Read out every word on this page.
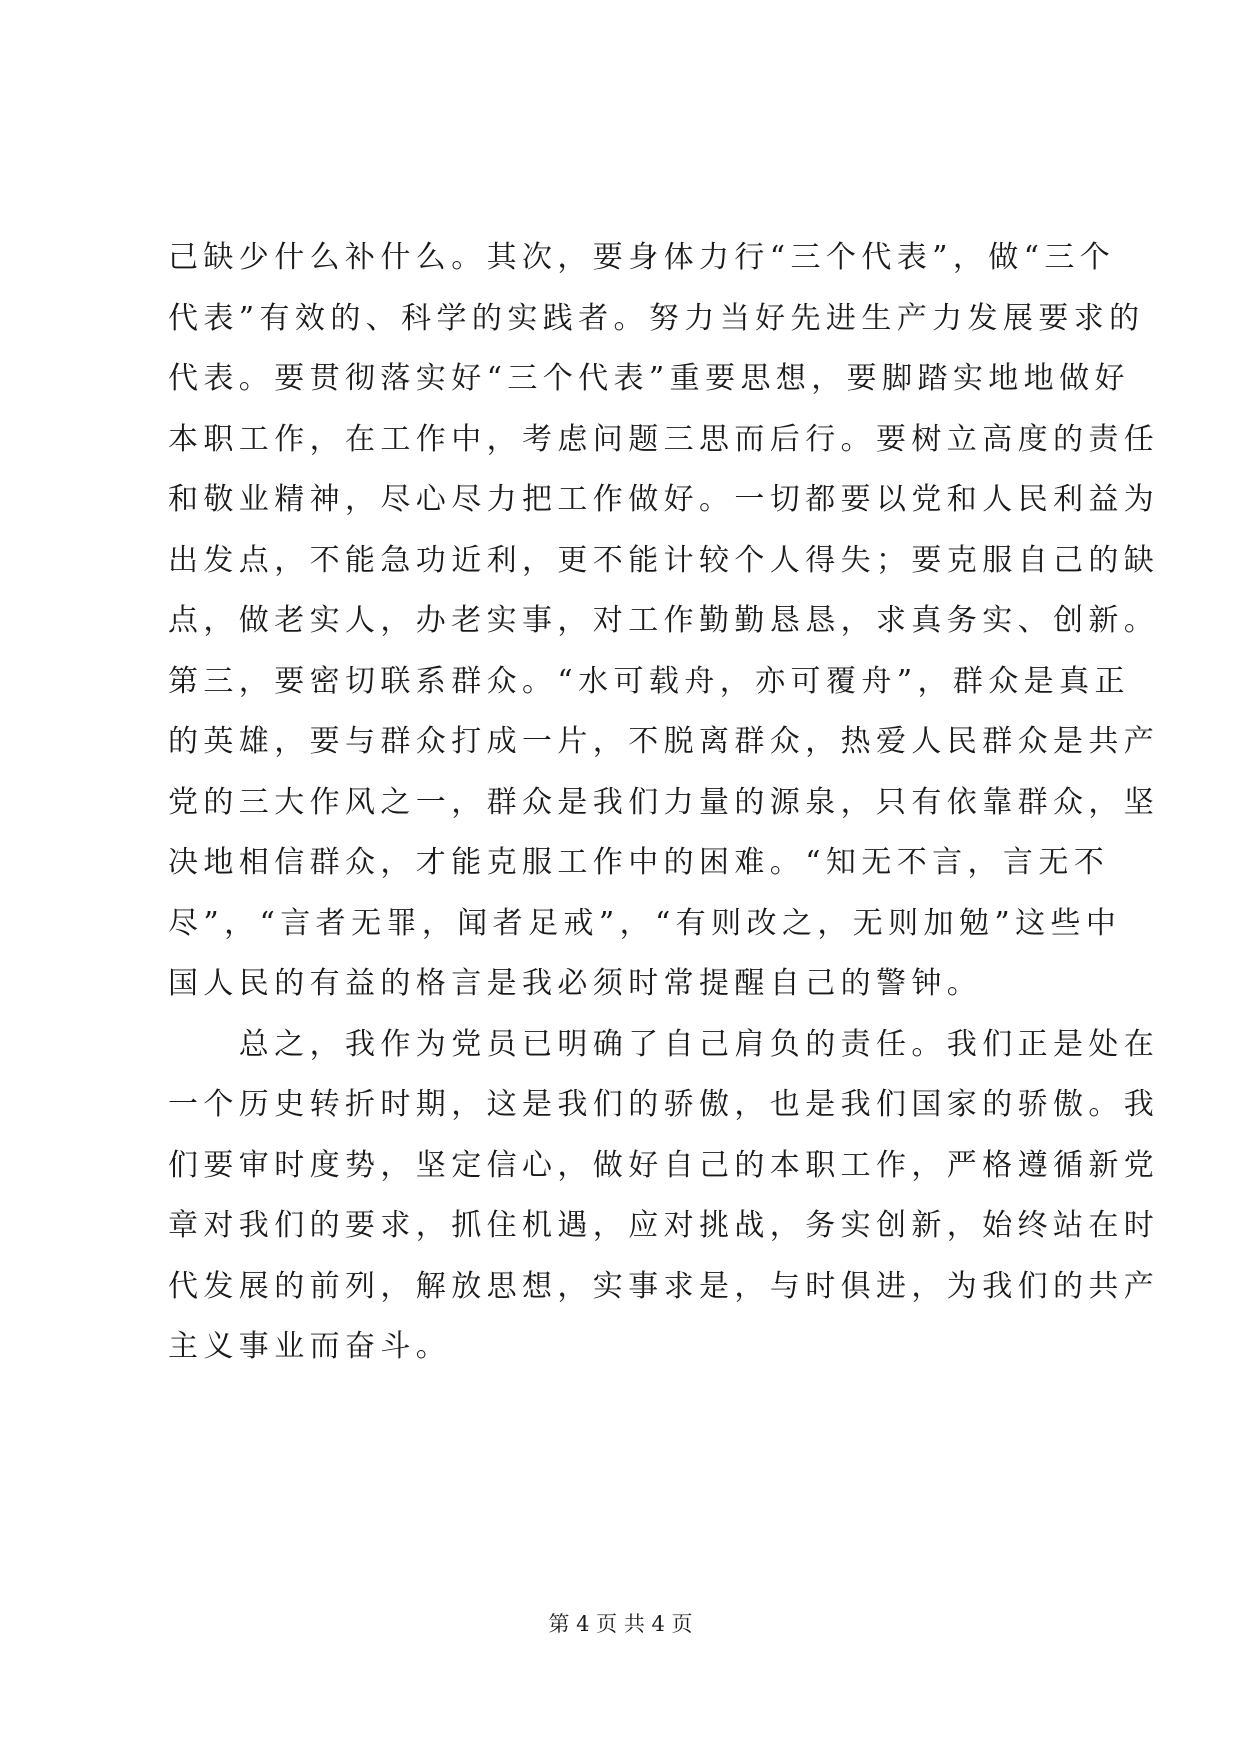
己缺少什么补什么。其次，要身体力行“三个代表”，做“三个

代表”有效的、科学的实践者。努力当好先进生产力发展要求的

代表。要贯彻落实好“三个代表”重要思想，要脚踏实地地做好

本职工作，在工作中，考虑问题三思而后行。要树立高度的责任

和敬业精神，尽心尽力把工作做好。一切都要以党和人民利益为

出发点，不能急功近利，更不能计较个人得失；要克服自己的缺

点，做老实人，办老实事，对工作勤勤恳恳，求真务实、创新。

第三，要密切联系群众。“水可载舟，亦可覆舟”，群众是真正

的英雄，要与群众打成一片，不脱离群众，热爱人民群众是共产

党的三大作风之一，群众是我们力量的源泉，只有依靠群众，坚

决地相信群众，才能克服工作中的困难。“知无不言，言无不

尽”，“言者无罪，闻者足戒”，“有则改之，无则加勉”这些中

国人民的有益的格言是我必须时常提醒自己的警钟。

　　总之，我作为党员已明确了自己肩负的责任。我们正是处在

一个历史转折时期，这是我们的骄傲，也是我们国家的骄傲。我

们要审时度势，坚定信心，做好自己的本职工作，严格遵循新党

章对我们的要求，抓住机遇，应对挑战，务实创新，始终站在时

代发展的前列，解放思想，实事求是，与时俱进，为我们的共产

主义事业而奋斗。

第 4 页 共 4 页
